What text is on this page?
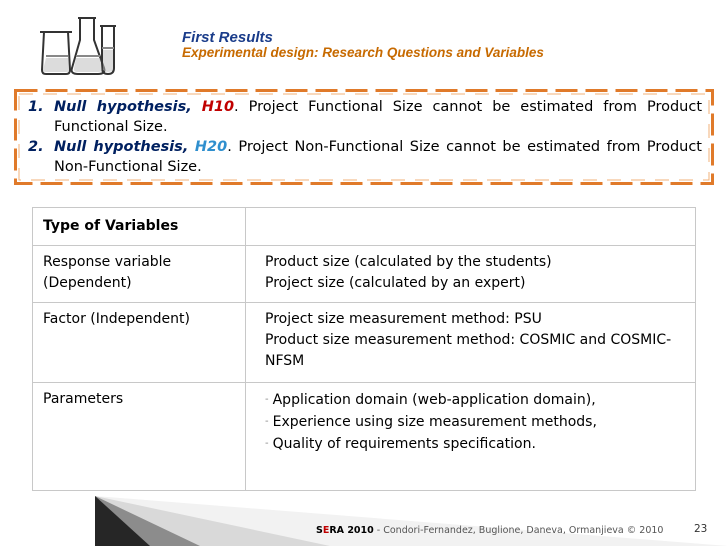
First Results
Experimental design: Research Questions and Variables
1. Null hypothesis, H10. Project Functional Size cannot be estimated from Product Functional Size.
2. Null hypothesis, H20. Project Non-Functional Size cannot be estimated from Product Non-Functional Size.
Type of Variables	
Response variable (Dependent)	Product size (calculated by the students)
Project size (calculated by an expert)

Factor (Independent)	Project size measurement method: PSU
Product size measurement method: COSMIC and COSMIC-NFSM

Parameters	- Application domain (web-application domain),
- Experience using size measurement methods,
- Quality of requirements specification.
SERA 2010 - Condori-Fernandez, Buglione, Daneva, Ormanjieva © 2010	23
